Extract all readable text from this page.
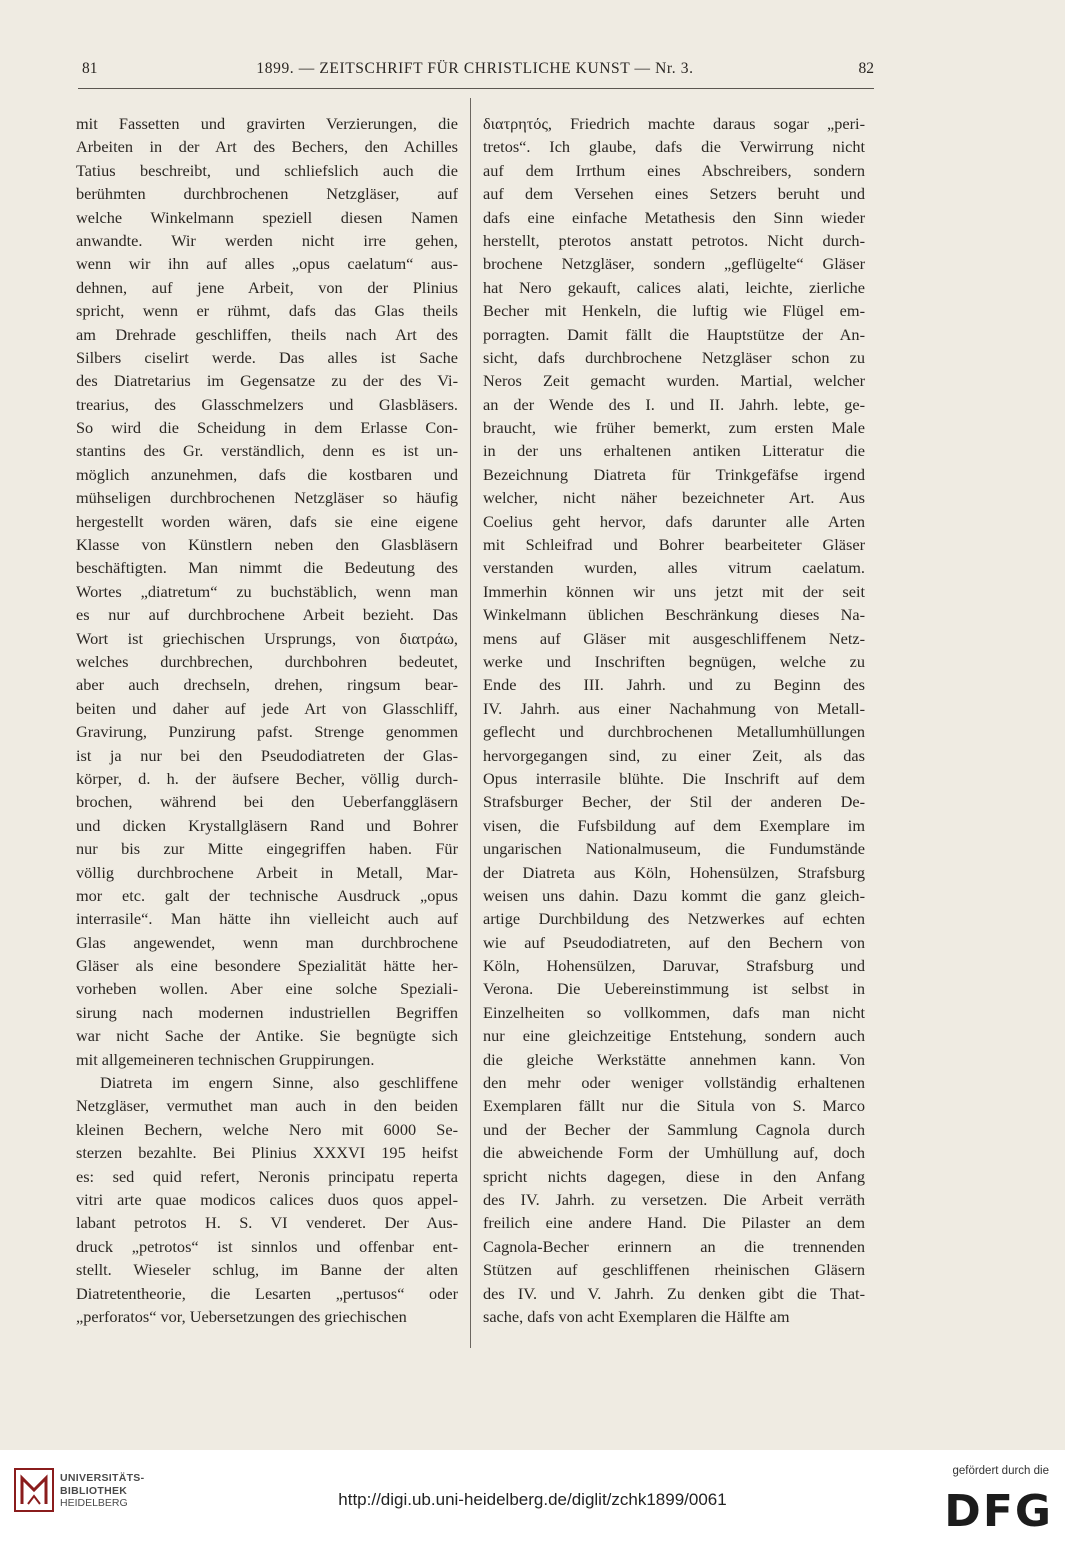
81	1899. — ZEITSCHRIFT FÜR CHRISTLICHE KUNST — Nr. 3.	82
mit Fassetten und gravirten Verzierungen, die
Arbeiten in der Art des Bechers, den Achilles
Tatius beschreibt, und schliefslich auch die
berühmten durchbrochenen Netzgläser, auf
welche Winkelmann speziell diesen Namen
anwandte. Wir werden nicht irre gehen,
wenn wir ihn auf alles „opus caelatum“ aus-
dehnen, auf jene Arbeit, von der Plinius
spricht, wenn er rühmt, dafs das Glas theils
am Drehrade geschliffen, theils nach Art des
Silbers ciselirt werde. Das alles ist Sache
des Diatretarius im Gegensatze zu der des Vi-
trearius, des Glasschmelzers und Glasbläsers.
So wird die Scheidung in dem Erlasse Con-
stantins des Gr. verständlich, denn es ist un-
möglich anzunehmen, dafs die kostbaren und
mühseligen durchbrochenen Netzgläser so häufig
hergestellt worden wären, dafs sie eine eigene
Klasse von Künstlern neben den Glasbläsern
beschäftigten. Man nimmt die Bedeutung des
Wortes „diatretum“ zu buchstäblich, wenn man
es nur auf durchbrochene Arbeit bezieht. Das
Wort ist griechischen Ursprungs, von διατράω,
welches durchbrechen, durchbohren bedeutet,
aber auch drechseln, drehen, ringsum bear-
beiten und daher auf jede Art von Glasschliff,
Gravirung, Punzirung pafst. Strenge genommen
ist ja nur bei den Pseudodiatreten der Glas-
körper, d. h. der äufsere Becher, völlig durch-
brochen, während bei den Ueberfanggläsern
und dicken Krystallgläsern Rand und Bohrer
nur bis zur Mitte eingegriffen haben. Für
völlig durchbrochene Arbeit in Metall, Mar-
mor etc. galt der technische Ausdruck „opus
interrasile“. Man hätte ihn vielleicht auch auf
Glas angewendet, wenn man durchbrochene
Gläser als eine besondere Spezialität hätte her-
vorheben wollen. Aber eine solche Speziali-
sirung nach modernen industriellen Begriffen
war nicht Sache der Antike. Sie begnügte sich
mit allgemeineren technischen Gruppirungen.
Diatreta im engern Sinne, also geschliffene
Netzgläser, vermuthet man auch in den beiden
kleinen Bechern, welche Nero mit 6000 Se-
sterzen bezahlte. Bei Plinius XXXVI 195 heifst
es: sed quid refert, Neronis principatu reperta
vitri arte quae modicos calices duos quos appel-
labant petrotos H. S. VI venderet. Der Aus-
druck „petrotos“ ist sinnlos und offenbar ent-
stellt. Wieseler schlug, im Banne der alten
Diatretentheorie, die Lesarten „pertusos“ oder
„perforatos“ vor, Uebersetzungen des griechischen
διατρητός, Friedrich machte daraus sogar „peri-
tretos“. Ich glaube, dafs die Verwirrung nicht
auf dem Irrthum eines Abschreibers, sondern
auf dem Versehen eines Setzers beruht und
dafs eine einfache Metathesis den Sinn wieder
herstellt, pterotos anstatt petrotos. Nicht durch-
brochene Netzgläser, sondern „geflügelte“ Gläser
hat Nero gekauft, calices alati, leichte, zierliche
Becher mit Henkeln, die luftig wie Flügel em-
porragten. Damit fällt die Hauptstütze der An-
sicht, dafs durchbrochene Netzgläser schon zu
Neros Zeit gemacht wurden. Martial, welcher
an der Wende des I. und II. Jahrh. lebte, ge-
braucht, wie früher bemerkt, zum ersten Male
in der uns erhaltenen antiken Litteratur die
Bezeichnung Diatreta für Trinkgefäfse irgend
welcher, nicht näher bezeichneter Art. Aus
Coelius geht hervor, dafs darunter alle Arten
mit Schleifrad und Bohrer bearbeiteter Gläser
verstanden wurden, alles vitrum caelatum.
Immerhin können wir uns jetzt mit der seit
Winkelmann üblichen Beschränkung dieses Na-
mens auf Gläser mit ausgeschliffenem Netz-
werke und Inschriften begnügen, welche zu
Ende des III. Jahrh. und zu Beginn des
IV. Jahrh. aus einer Nachahmung von Metall-
geflecht und durchbrochenen Metallumhüllungen
hervorgegangen sind, zu einer Zeit, als das
Opus interrasile blühte. Die Inschrift auf dem
Strafsburger Becher, der Stil der anderen De-
visen, die Fufsbildung auf dem Exemplare im
ungarischen Nationalmuseum, die Fundumstände
der Diatreta aus Köln, Hohensülzen, Strafsburg
weisen uns dahin. Dazu kommt die ganz gleich-
artige Durchbildung des Netzwerkes auf echten
wie auf Pseudodiatreten, auf den Bechern von
Köln, Hohensülzen, Daruvar, Strafsburg und
Verona. Die Uebereinstimmung ist selbst in
Einzelheiten so vollkommen, dafs man nicht
nur eine gleichzeitige Entstehung, sondern auch
die gleiche Werkstätte annehmen kann. Von
den mehr oder weniger vollständig erhaltenen
Exemplaren fällt nur die Situla von S. Marco
und der Becher der Sammlung Cagnola durch
die abweichende Form der Umhüllung auf, doch
spricht nichts dagegen, diese in den Anfang
des IV. Jahrh. zu versetzen. Die Arbeit verräth
freilich eine andere Hand. Die Pilaster an dem
Cagnola-Becher erinnern an die trennenden
Stützen auf geschliffenen rheinischen Gläsern
des IV. und V. Jahrh. Zu denken gibt die That-
sache, dafs von acht Exemplaren die Hälfte am
UNIVERSITÄTS-
BIBLIOTHEK
HEIDELBERG	http://digi.ub.uni-heidelberg.de/diglit/zchk1899/0061
gefördert durch die
DFG
